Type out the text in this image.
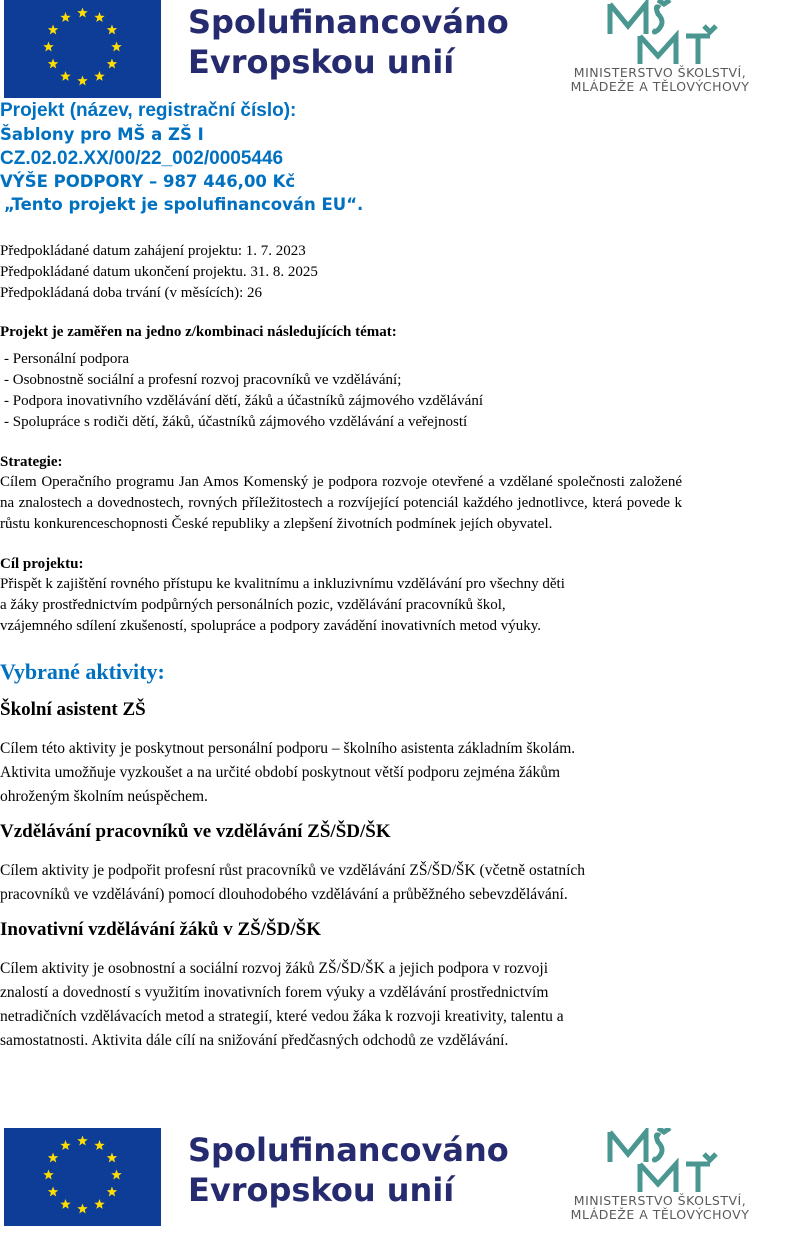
Spolufinancováno
Evropskou unií	MINISTERSTVO ŠKOLSTVÍ,
MLÁDEŽE A TĚLOVÝCHOVY

Projekt (název, registrační číslo):

Šablony pro MŠ a ZŠ I

CZ.02.02.XX/00/22_002/0005446

VÝŠE PODPORY – 987 446,00 Kč

„Tento projekt je spolufinancován EU“.

Předpokládané datum zahájení projektu: 1. 7. 2023
Předpokládané datum ukončení projektu. 31. 8. 2025
Předpokládaná doba trvání (v měsících): 26
Projekt je zaměřen na jedno z/kombinaci následujících témat:
- Personální podpora
- Osobnostně sociální a profesní rozvoj pracovníků ve vzdělávání;
- Podpora inovativního vzdělávání dětí, žáků a účastníků zájmového vzdělávání
- Spolupráce s rodiči dětí, žáků, účastníků zájmového vzdělávání a veřejností
Strategie:
Cílem Operačního programu Jan Amos Komenský je podpora rozvoje otevřené a vzdělané společnosti založené na znalostech a dovednostech, rovných příležitostech a rozvíjející potenciál každého jednotlivce, která povede k růstu konkurenceschopnosti České republiky a zlepšení životních podmínek jejích obyvatel.
Cíl projektu:
Přispět k zajištění rovného přístupu ke kvalitnímu a inkluzivnímu vzdělávání pro všechny děti
a žáky prostřednictvím podpůrných personálních pozic, vzdělávání pracovníků škol,
vzájemného sdílení zkušeností, spolupráce a podpory zavádění inovativních metod výuky.
Vybrané aktivity:
Školní asistent ZŠ
Cílem této aktivity je poskytnout personální podporu – školního asistenta základním školám.
Aktivita umožňuje vyzkoušet a na určité období poskytnout větší podporu zejména žákům
ohroženým školním neúspěchem.
Vzdělávání pracovníků ve vzdělávání ZŠ/ŠD/ŠK
Cílem aktivity je podpořit profesní růst pracovníků ve vzdělávání ZŠ/ŠD/ŠK (včetně ostatních
pracovníků ve vzdělávání) pomocí dlouhodobého vzdělávání a průběžného sebevzdělávání.
Inovativní vzdělávání žáků v ZŠ/ŠD/ŠK
Cílem aktivity je osobnostní a sociální rozvoj žáků ZŠ/ŠD/ŠK a jejich podpora v rozvoji
znalostí a dovedností s využitím inovativních forem výuky a vzdělávání prostřednictvím
netradičních vzdělávacích metod a strategií, které vedou žáka k rozvoji kreativity, talentu a
samostatnosti. Aktivita dále cílí na snižování předčasných odchodů ze vzdělávání.
Spolufinancováno
Evropskou unií	MINISTERSTVO ŠKOLSTVÍ,
MLÁDEŽE A TĚLOVÝCHOVY
